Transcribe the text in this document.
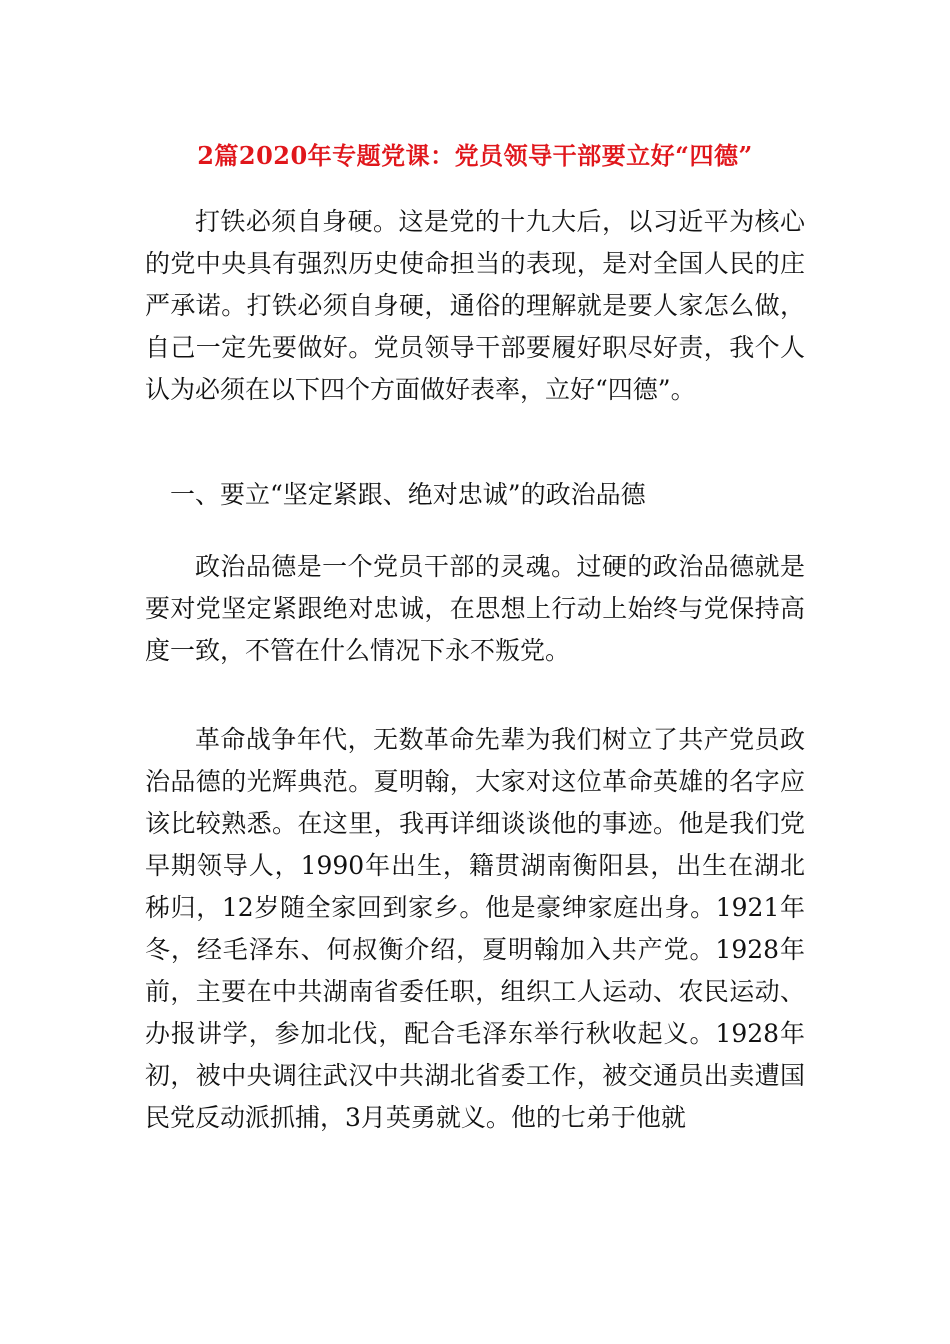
2篇2020年专题党课：党员领导干部要立好“四德”

打铁必须自身硬。这是党的十九大后，以习近平为核心的党中央具有强烈历史使命担当的表现，是对全国人民的庄严承诺。打铁必须自身硬，通俗的理解就是要人家怎么做，自己一定先要做好。党员领导干部要履好职尽好责，我个人认为必须在以下四个方面做好表率，立好“四德”。

一、要立“坚定紧跟、绝对忠诚”的政治品德

政治品德是一个党员干部的灵魂。过硬的政治品德就是要对党坚定紧跟绝对忠诚，在思想上行动上始终与党保持高度一致，不管在什么情况下永不叛党。

革命战争年代，无数革命先辈为我们树立了共产党员政治品德的光辉典范。夏明翰，大家对这位革命英雄的名字应该比较熟悉。在这里，我再详细谈谈他的事迹。他是我们党早期领导人，1990年出生，籍贯湖南衡阳县，出生在湖北秭归，12岁随全家回到家乡。他是豪绅家庭出身。1921年冬，经毛泽东、何叔衡介绍，夏明翰加入共产党。1928年前，主要在中共湖南省委任职，组织工人运动、农民运动、办报讲学，参加北伐，配合毛泽东举行秋收起义。1928年初，被中央调往武汉中共湖北省委工作，被交通员出卖遭国民党反动派抓捕，3月英勇就义。他的七弟于他就
